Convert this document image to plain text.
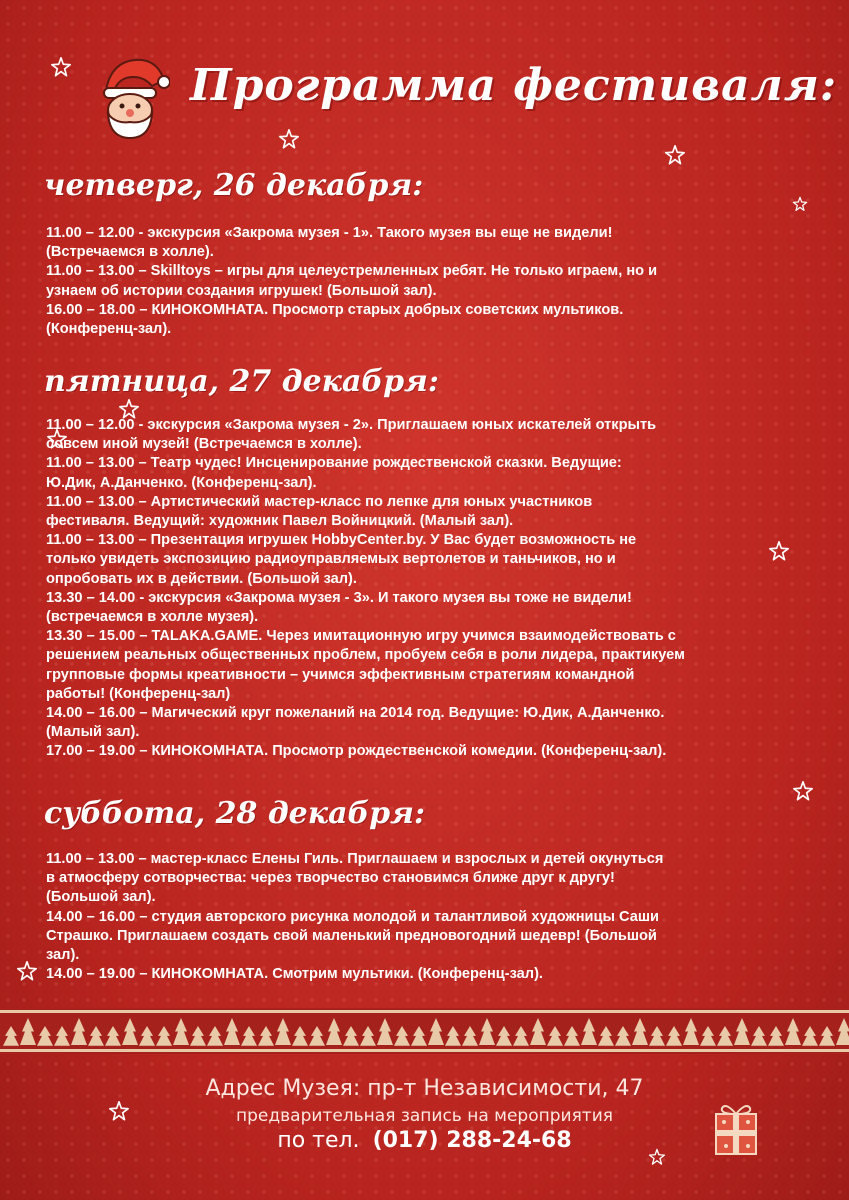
Программа фестиваля:
четверг, 26 декабря:

11.00 – 12.00 - экскурсия «Закрома музея - 1». Такого музея вы еще не видели!

(Встречаемся в холле).

11.00 – 13.00 – Skilltoys – игры для целеустремленных ребят. Не только играем, но и

узнаем об истории создания игрушек! (Большой зал).

16.00 – 18.00 – КИНОКОМНАТА. Просмотр старых добрых советских мультиков.

(Конференц-зал).

пятница, 27 декабря:

11.00 – 12.00 - экскурсия «Закрома музея - 2». Приглашаем юных искателей открыть

совсем иной музей! (Встречаемся в холле).

11.00 – 13.00 – Театр чудес! Инсценирование рождественской сказки. Ведущие:

Ю.Дик, А.Данченко. (Конференц-зал).

11.00 – 13.00 – Артистический мастер-класс по лепке для юных участников

фестиваля. Ведущий: художник Павел Войницкий. (Малый зал).

11.00 – 13.00 – Презентация игрушек HobbyCenter.by. У Вас будет возможность не

только увидеть экспозицию радиоуправляемых вертолетов и таньчиков, но и

опробовать их в действии. (Большой зал).

13.30 – 14.00 - экскурсия «Закрома музея - 3». И такого музея вы тоже не видели!

(встречаемся в холле музея).

13.30 – 15.00 – TALAKA.GAME. Через имитационную игру учимся взаимодействовать с

решением реальных общественных проблем, пробуем себя в роли лидера, практикуем

групповые формы креативности – учимся эффективным стратегиям командной

работы! (Конференц-зал)

14.00 – 16.00 – Магический круг пожеланий на 2014 год. Ведущие: Ю.Дик, А.Данченко.

(Малый зал).

17.00 – 19.00 – КИНОКОМНАТА. Просмотр рождественской комедии. (Конференц-зал).

суббота, 28 декабря:

11.00 – 13.00 – мастер-класс Елены Гиль. Приглашаем и взрослых и детей окунуться

в атмосферу сотворчества: через творчество становимся ближе друг к другу!

(Большой зал).

14.00 – 16.00 – студия авторского рисунка молодой и талантливой художницы Саши

Страшко. Приглашаем создать свой маленький предновогодний шедевр! (Большой

зал).

14.00 – 19.00 – КИНОКОМНАТА. Смотрим мультики. (Конференц-зал).

Адрес Музея: пр-т Независимости, 47
предварительная запись на мероприятия
по тел. (017) 288-24-68
